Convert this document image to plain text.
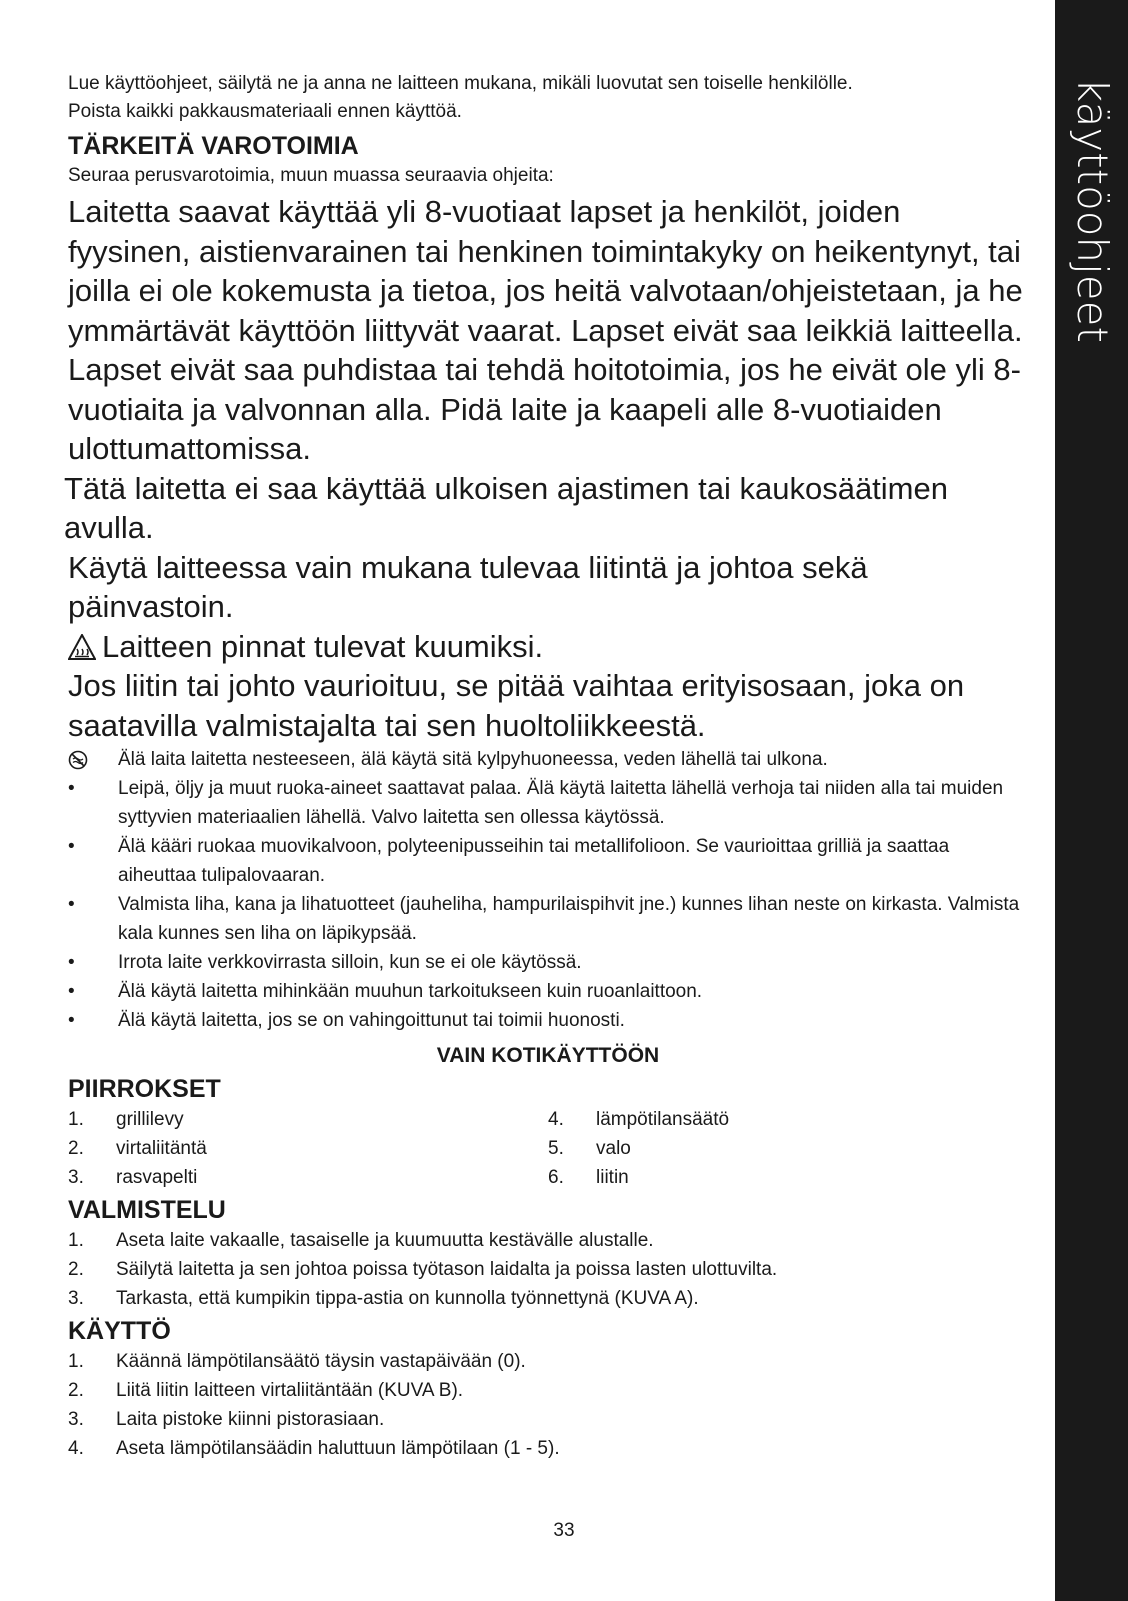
käyttöohjeet

Lue käyttöohjeet, säilytä ne ja anna ne laitteen mukana, mikäli luovutat sen toiselle henkilölle.

Poista kaikki pakkausmateriaali ennen käyttöä.

TÄRKEITÄ VAROTOIMIA

Seuraa perusvarotoimia, muun muassa seuraavia ohjeita:

Laitetta saavat käyttää yli 8-vuotiaat lapset ja henkilöt, joiden fyysinen, aistienvarainen tai henkinen toimintakyky on heikentynyt, tai joilla ei ole kokemusta ja tietoa, jos heitä valvotaan/ohjeistetaan, ja he ymmärtävät käyttöön liittyvät vaarat. Lapset eivät saa leikkiä laitteella. Lapset eivät saa puhdistaa tai tehdä hoitotoimia, jos he eivät ole yli 8-vuotiaita ja valvonnan alla. Pidä laite ja kaapeli alle 8-vuotiaiden ulottumattomissa.

Tätä laitetta ei saa käyttää ulkoisen ajastimen tai kaukosäätimen avulla.

Käytä laitteessa vain mukana tulevaa liitintä ja johtoa sekä päinvastoin.

Laitteen pinnat tulevat kuumiksi.

Jos liitin tai johto vaurioituu, se pitää vaihtaa erityisosaan, joka on saatavilla valmistajalta tai sen huoltoliikkeestä.

Älä laita laitetta nesteeseen, älä käytä sitä kylpyhuoneessa, veden lähellä tai ulkona.
•	Leipä, öljy ja muut ruoka-aineet saattavat palaa. Älä käytä laitetta lähellä verhoja tai niiden alla tai muiden syttyvien materiaalien lähellä. Valvo laitetta sen ollessa käytössä.
•	Älä kääri ruokaa muovikalvoon, polyteenipusseihin tai metallifolioon. Se vaurioittaa grilliä ja saattaa aiheuttaa tulipalovaaran.
•	Valmista liha, kana ja lihatuotteet (jauheliha, hampurilaispihvit jne.) kunnes lihan neste on kirkasta. Valmista kala kunnes sen liha on läpikypsää.
•	Irrota laite verkkovirrasta silloin, kun se ei ole käytössä.
•	Älä käytä laitetta mihinkään muuhun tarkoitukseen kuin ruoanlaittoon.
•	Älä käytä laitetta, jos se on vahingoittunut tai toimii huonosti.

VAIN KOTIKÄYTTÖÖN

PIIRROKSET

1.	grillilevy
2.	virtaliitäntä
3.	rasvapelti
4.	lämpötilansäätö
5.	valo
6.	liitin

VALMISTELU

1.	Aseta laite vakaalle, tasaiselle ja kuumuutta kestävälle alustalle.
2.	Säilytä laitetta ja sen johtoa poissa työtason laidalta ja poissa lasten ulottuvilta.
3.	Tarkasta, että kumpikin tippa-astia on kunnolla työnnettynä (KUVA A).

KÄYTTÖ

1.	Käännä lämpötilansäätö täysin vastapäivään (0).
2.	Liitä liitin laitteen virtaliitäntään (KUVA B).
3.	Laita pistoke kiinni pistorasiaan.
4.	Aseta lämpötilansäädin haluttuun lämpötilaan (1 - 5).
33
